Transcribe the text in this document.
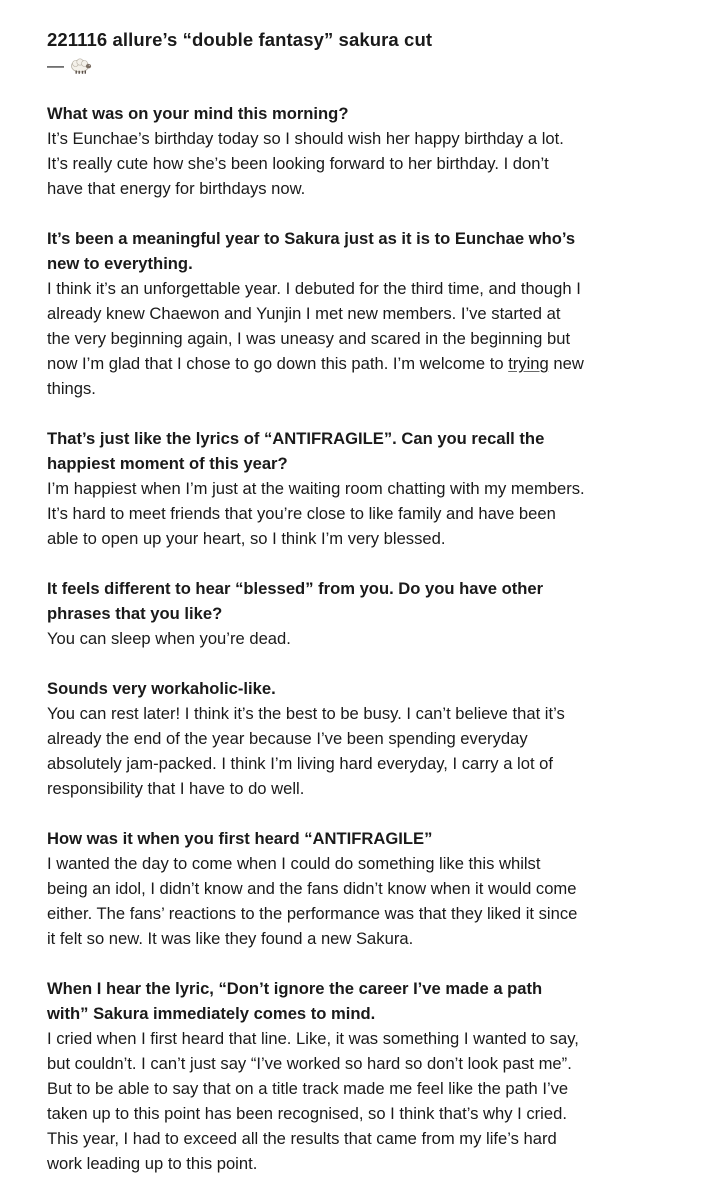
221116 allure’s “double fantasy” sakura cut
—

What was on your mind this morning?

It’s Eunchae’s birthday today so I should wish her happy birthday a lot.
It’s really cute how she’s been looking forward to her birthday. I don’t
have that energy for birthdays now.

It’s been a meaningful year to Sakura just as it is to Eunchae who’s
new to everything.

I think it’s an unforgettable year. I debuted for the third time, and though I
already knew Chaewon and Yunjin I met new members. I’ve started at
the very beginning again, I was uneasy and scared in the beginning but
now I’m glad that I chose to go down this path. I’m welcome to trying new
things.

That’s just like the lyrics of “ANTIFRAGILE”. Can you recall the
happiest moment of this year?

I’m happiest when I’m just at the waiting room chatting with my members.
It’s hard to meet friends that you’re close to like family and have been
able to open up your heart, so I think I’m very blessed.

It feels different to hear “blessed” from you. Do you have other
phrases that you like?

You can sleep when you’re dead.

Sounds very workaholic-like.

You can rest later! I think it’s the best to be busy. I can’t believe that it’s
already the end of the year because I’ve been spending everyday
absolutely jam-packed. I think I’m living hard everyday, I carry a lot of
responsibility that I have to do well.

How was it when you first heard “ANTIFRAGILE”

I wanted the day to come when I could do something like this whilst
being an idol, I didn’t know and the fans didn’t know when it would come
either. The fans’ reactions to the performance was that they liked it since
it felt so new. It was like they found a new Sakura.

When I hear the lyric, “Don’t ignore the career I’ve made a path
with” Sakura immediately comes to mind.

I cried when I first heard that line. Like, it was something I wanted to say,
but couldn’t. I can’t just say “I’ve worked so hard so don’t look past me”.
But to be able to say that on a title track made me feel like the path I’ve
taken up to this point has been recognised, so I think that’s why I cried.
This year, I had to exceed all the results that came from my life’s hard
work leading up to this point.
